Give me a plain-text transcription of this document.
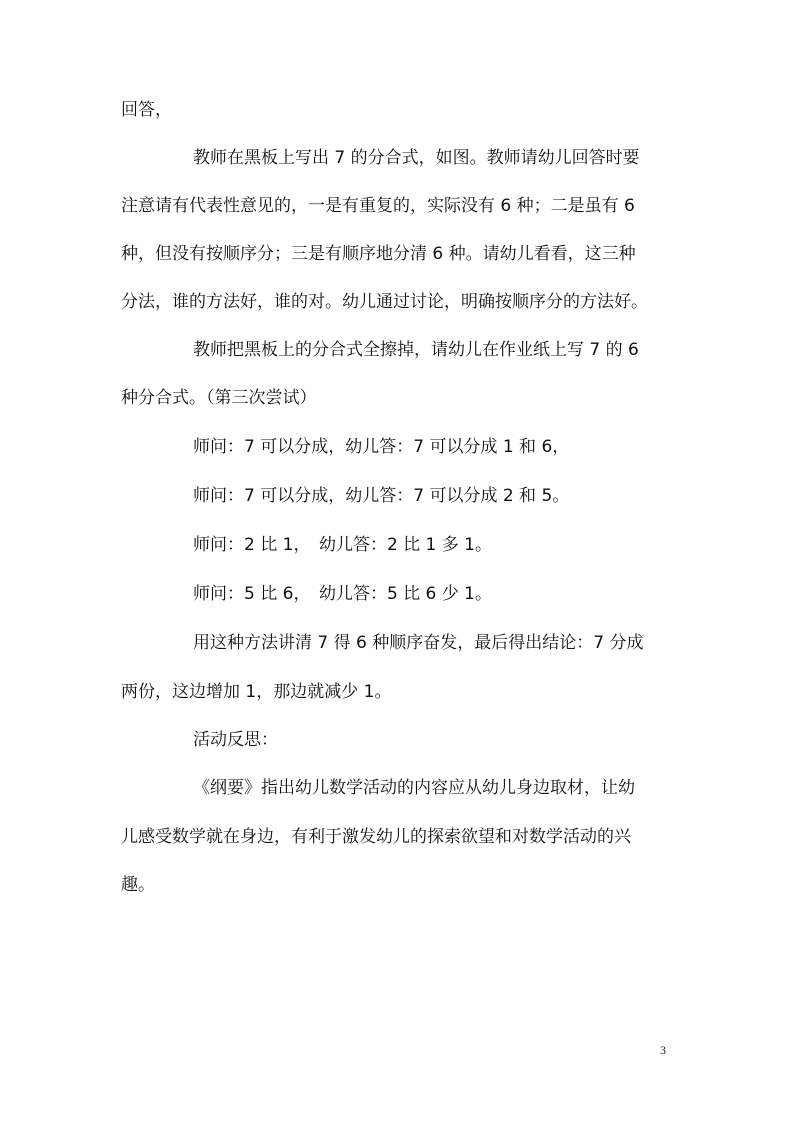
回答，
教师在黑板上写出 7 的分合式，如图。教师请幼儿回答时要
注意请有代表性意见的，一是有重复的，实际没有 6 种；二是虽有 6
种，但没有按顺序分；三是有顺序地分清 6 种。请幼儿看看，这三种
分法，谁的方法好，谁的对。幼儿通过讨论，明确按顺序分的方法好。
教师把黑板上的分合式全擦掉，请幼儿在作业纸上写 7 的 6
种分合式。（第三次尝试）
师问：7 可以分成，幼儿答：7 可以分成 1 和 6，
师问：7 可以分成，幼儿答：7 可以分成 2 和 5。
师问：2 比 1，　幼儿答：2 比 1 多 1。
师问：5 比 6，　幼儿答：5 比 6 少 1。
用这种方法讲清 7 得 6 种顺序奋发，最后得出结论：7 分成
两份，这边增加 1，那边就减少 1。
活动反思：
《纲要》指出幼儿数学活动的内容应从幼儿身边取材，让幼
儿感受数学就在身边，有利于激发幼儿的探索欲望和对数学活动的兴
趣。
3
